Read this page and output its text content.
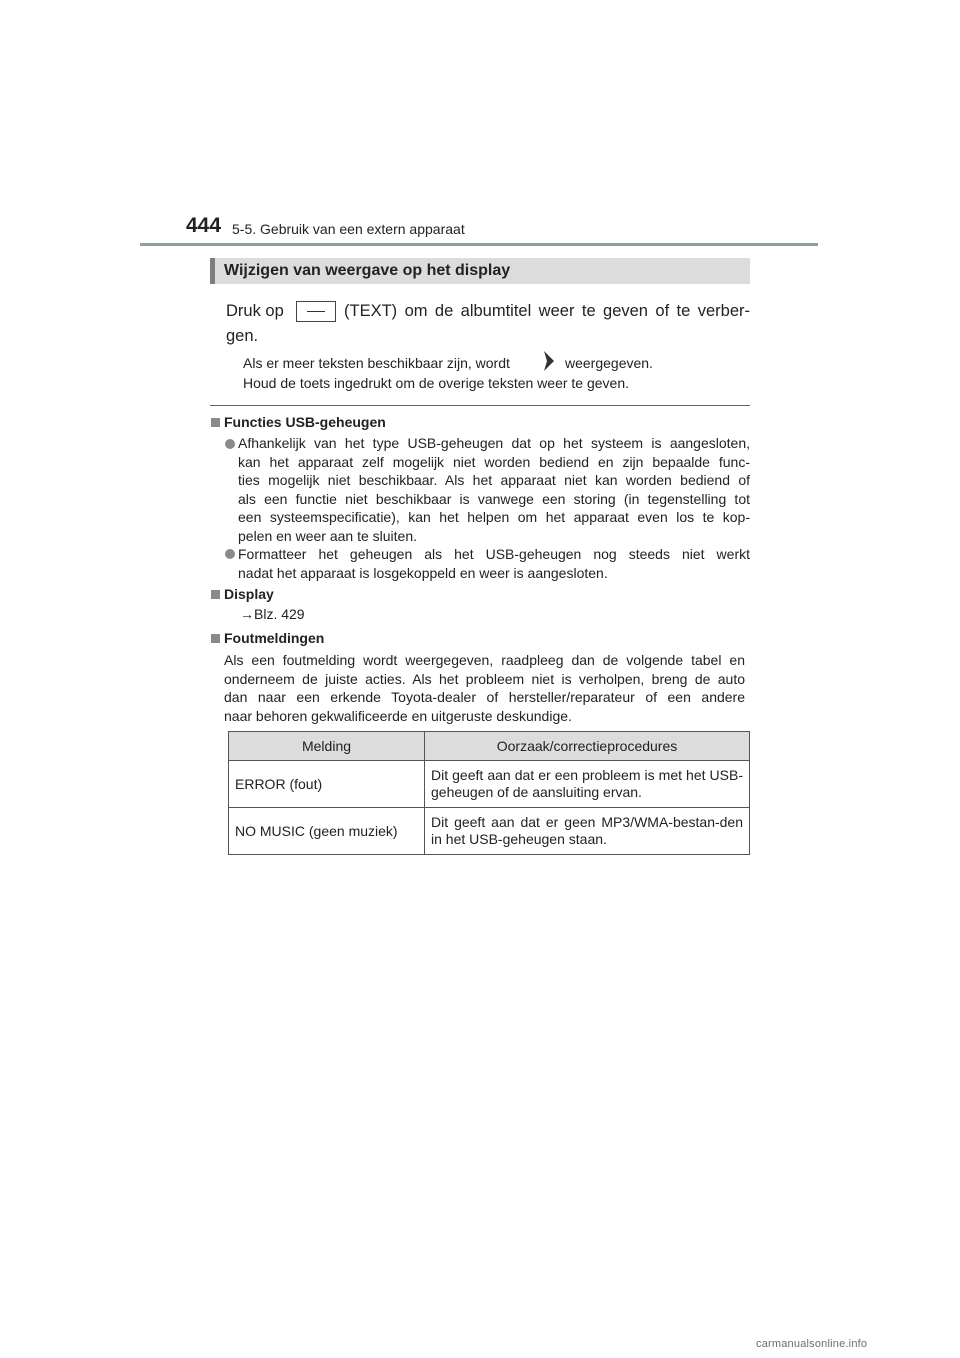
444 5-5. Gebruik van een extern apparaat
Wijzigen van weergave op het display
Druk op	(TEXT) om de albumtitel weer te geven of te verber-
gen.
Als er meer teksten beschikbaar zijn, wordt	weergegeven.
Houd de toets ingedrukt om de overige teksten weer te geven.
Functies USB-geheugen
Afhankelijk van het type USB-geheugen dat op het systeem is aangesloten,
kan het apparaat zelf mogelijk niet worden bediend en zijn bepaalde func-
ties mogelijk niet beschikbaar. Als het apparaat niet kan worden bediend of
als een functie niet beschikbaar is vanwege een storing (in tegenstelling tot
een systeemspecificatie), kan het helpen om het apparaat even los te kop-
pelen en weer aan te sluiten.
Formatteer het geheugen als het USB-geheugen nog steeds niet werkt
nadat het apparaat is losgekoppeld en weer is aangesloten.
Display
→Blz. 429
Foutmeldingen
Als een foutmelding wordt weergegeven, raadpleeg dan de volgende tabel en
onderneem de juiste acties. Als het probleem niet is verholpen, breng de auto
dan naar een erkende Toyota-dealer of hersteller/reparateur of een andere
naar behoren gekwalificeerde en uitgeruste deskundige.
Melding	Oorzaak/correctieprocedures
ERROR (fout)	Dit geeft aan dat er een probleem is met het USB-geheugen of de aansluiting ervan.
NO MUSIC (geen muziek)	Dit geeft aan dat er geen MP3/WMA-bestan-den in het USB-geheugen staan.
carmanualsonline.info
